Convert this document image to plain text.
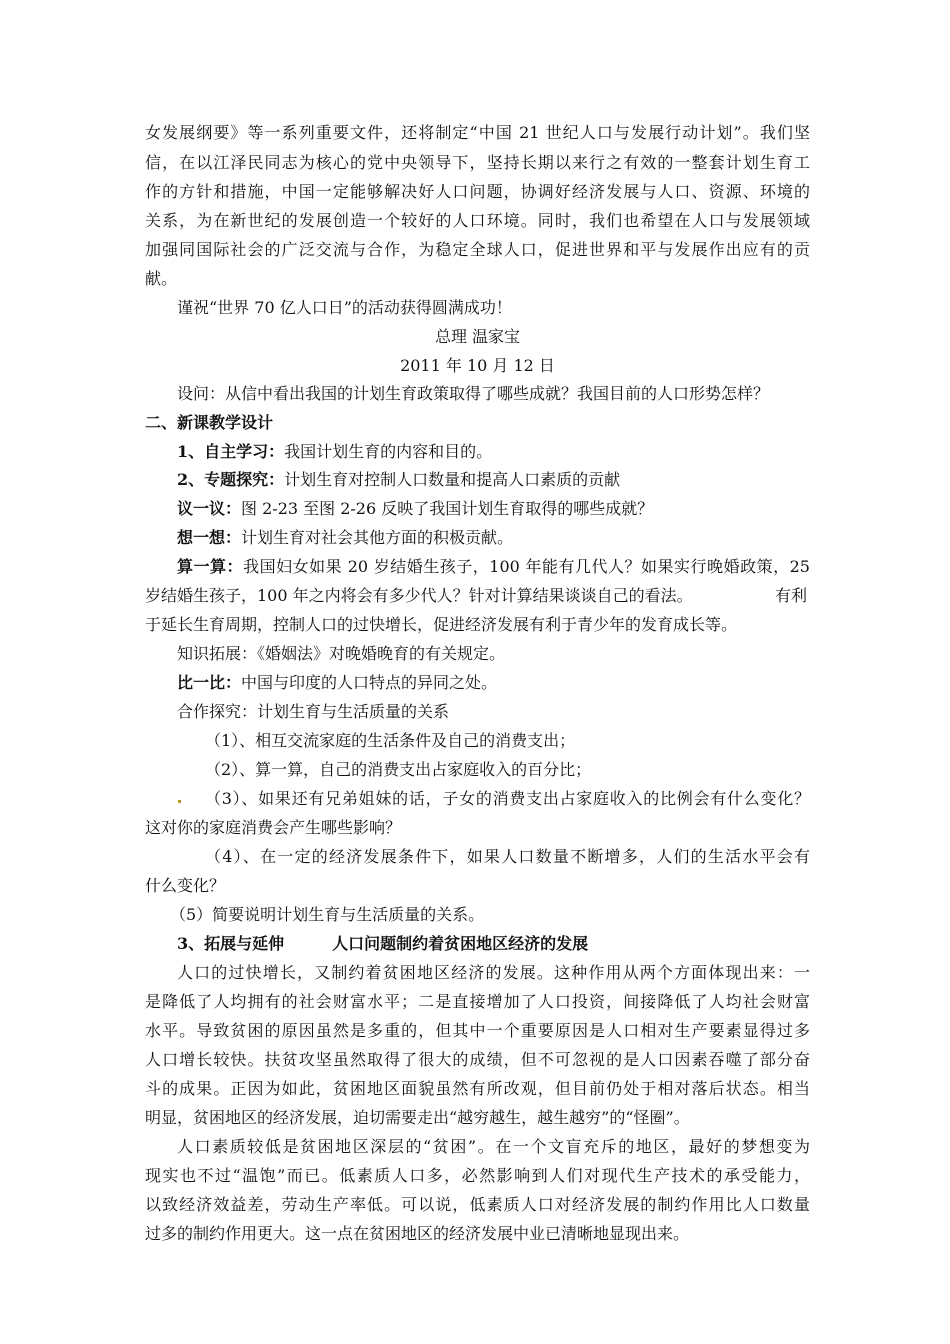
女发展纲要》等一系列重要文件，还将制定“中国 21 世纪人口与发展行动计划”。我们坚
信，在以江泽民同志为核心的党中央领导下，坚持长期以来行之有效的一整套计划生育工
作的方针和措施，中国一定能够解决好人口问题，协调好经济发展与人口、资源、环境的
关系，为在新世纪的发展创造一个较好的人口环境。同时，我们也希望在人口与发展领域
加强同国际社会的广泛交流与合作，为稳定全球人口，促进世界和平与发展作出应有的贡
献。
谨祝“世界 70 亿人口日”的活动获得圆满成功！
总理 温家宝
2011 年 10 月 12 日
设问：从信中看出我国的计划生育政策取得了哪些成就？我国目前的人口形势怎样？
二、新课教学设计
1、自主学习：我国计划生育的内容和目的。
2、专题探究：计划生育对控制人口数量和提高人口素质的贡献
议一议：图 2-23 至图 2-26 反映了我国计划生育取得的哪些成就？
想一想：计划生育对社会其他方面的积极贡献。
算一算：我国妇女如果 20 岁结婚生孩子，100 年能有几代人？如果实行晚婚政策，25
岁结婚生孩子，100 年之内将会有多少代人？针对计算结果谈谈自己的看法。	有利
于延长生育周期，控制人口的过快增长，促进经济发展有利于青少年的发育成长等。
知识拓展：《婚姻法》对晚婚晚育的有关规定。
比一比：中国与印度的人口特点的异同之处。
合作探究：计划生育与生活质量的关系
（1）、相互交流家庭的生活条件及自己的消费支出；
（2）、算一算，自己的消费支出占家庭收入的百分比；
（3）、如果还有兄弟姐妹的话，子女的消费支出占家庭收入的比例会有什么变化？
这对你的家庭消费会产生哪些影响？
（4）、在一定的经济发展条件下，如果人口数量不断增多，人们的生活水平会有
什么变化？
（5）简要说明计划生育与生活质量的关系。
3、拓展与延伸	人口问题制约着贫困地区经济的发展
人口的过快增长，又制约着贫困地区经济的发展。这种作用从两个方面体现出来：一
是降低了人均拥有的社会财富水平；二是直接增加了人口投资，间接降低了人均社会财富
水平。导致贫困的原因虽然是多重的，但其中一个重要原因是人口相对生产要素显得过多
人口增长较快。扶贫攻坚虽然取得了很大的成绩，但不可忽视的是人口因素吞噬了部分奋
斗的成果。正因为如此，贫困地区面貌虽然有所改观，但目前仍处于相对落后状态。相当
明显，贫困地区的经济发展，迫切需要走出“越穷越生，越生越穷”的“怪圈”。
人口素质较低是贫困地区深层的“贫困”。在一个文盲充斥的地区，最好的梦想变为
现实也不过“温饱”而已。低素质人口多，必然影响到人们对现代生产技术的承受能力，
以致经济效益差，劳动生产率低。可以说，低素质人口对经济发展的制约作用比人口数量
过多的制约作用更大。这一点在贫困地区的经济发展中业已清晰地显现出来。
